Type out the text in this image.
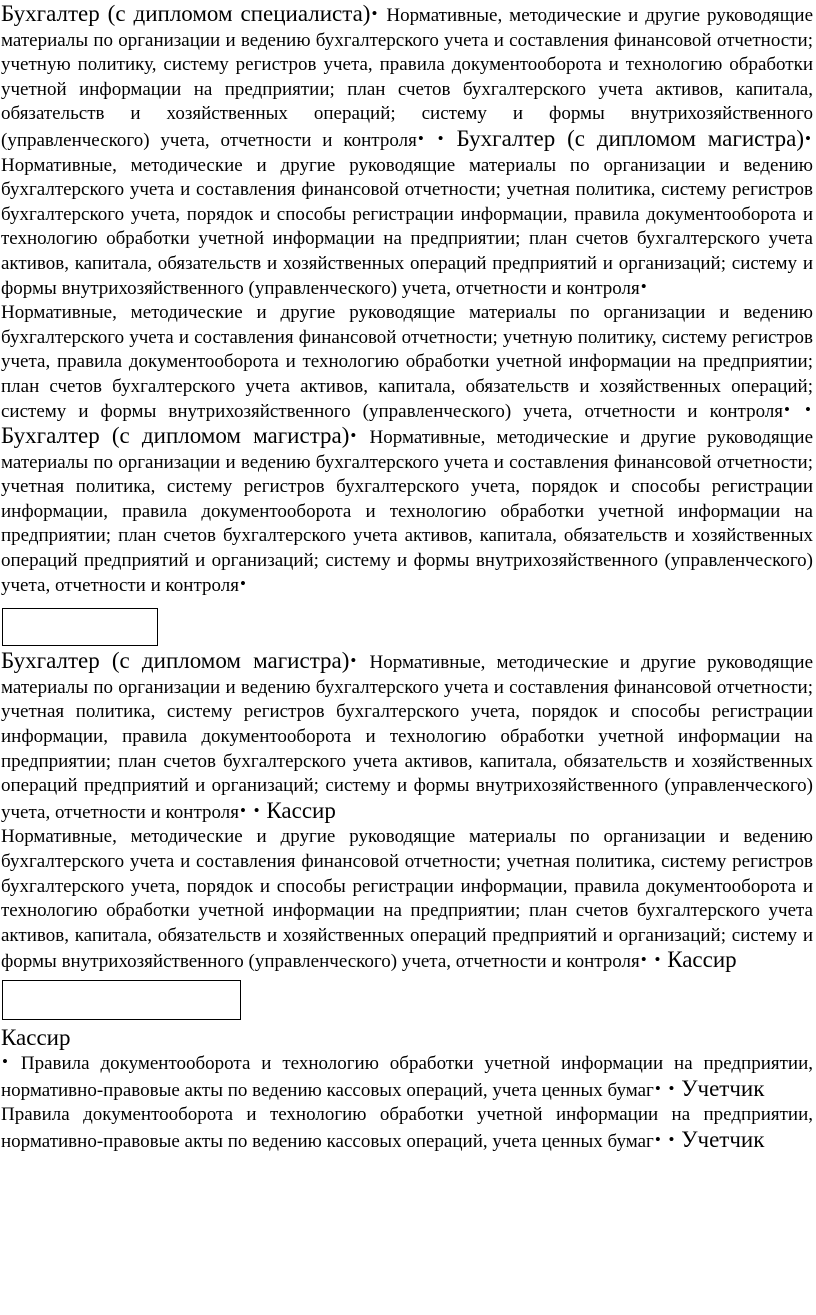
Бухгалтер (с дипломом специалиста)• Нормативные, методические и другие руководящие материалы по организации и ведению бухгалтерского учета и составления финансовой отчетности; учетную политику, систему регистров учета, правила документооборота и технологию обработки учетной информации на предприятии; план счетов бухгалтерского учета активов, капитала, обязательств и хозяйственных операций; систему и формы внутрихозяйственного (управленческого) учета, отчетности и контроля• • Бухгалтер (с дипломом магистра)• Нормативные, методические и другие руководящие материалы по организации и ведению бухгалтерского учета и составления финансовой отчетности; учетная политика, систему регистров бухгалтерского учета, порядок и способы регистрации информации, правила документооборота и технологию обработки учетной информации на предприятии; план счетов бухгалтерского учета активов, капитала, обязательств и хозяйственных операций предприятий и организаций; систему и формы внутрихозяйственного (управленческого) учета, отчетности и контроля•

Нормативные, методические и другие руководящие материалы по организации и ведению бухгалтерского учета и составления финансовой отчетности; учетную политику, систему регистров учета, правила документооборота и технологию обработки учетной информации на предприятии; план счетов бухгалтерского учета активов, капитала, обязательств и хозяйственных операций; систему и формы внутрихозяйственного (управленческого) учета, отчетности и контроля• • Бухгалтер (с дипломом магистра)• Нормативные, методические и другие руководящие материалы по организации и ведению бухгалтерского учета и составления финансовой отчетности; учетная политика, систему регистров бухгалтерского учета, порядок и способы регистрации информации, правила документооборота и технологию обработки учетной информации на предприятии; план счетов бухгалтерского учета активов, капитала, обязательств и хозяйственных операций предприятий и организаций; систему и формы внутрихозяйственного (управленческого) учета, отчетности и контроля•

Бухгалтер (с дипломом магистра)• Нормативные, методические и другие руководящие материалы по организации и ведению бухгалтерского учета и составления финансовой отчетности; учетная политика, систему регистров бухгалтерского учета, порядок и способы регистрации информации, правила документооборота и технологию обработки учетной информации на предприятии; план счетов бухгалтерского учета активов, капитала, обязательств и хозяйственных операций предприятий и организаций; систему и формы внутрихозяйственного (управленческого) учета, отчетности и контроля• • Кассир

Нормативные, методические и другие руководящие материалы по организации и ведению бухгалтерского учета и составления финансовой отчетности; учетная политика, систему регистров бухгалтерского учета, порядок и способы регистрации информации, правила документооборота и технологию обработки учетной информации на предприятии; план счетов бухгалтерского учета активов, капитала, обязательств и хозяйственных операций предприятий и организаций; систему и формы внутрихозяйственного (управленческого) учета, отчетности и контроля• • Кассир

Кассир

• Правила документооборота и технологию обработки учетной информации на предприятии, нормативно-правовые акты по ведению кассовых операций, учета ценных бумаг• • Учетчик

Правила документооборота и технологию обработки учетной информации на предприятии, нормативно-правовые акты по ведению кассовых операций, учета ценных бумаг• • Учетчик
